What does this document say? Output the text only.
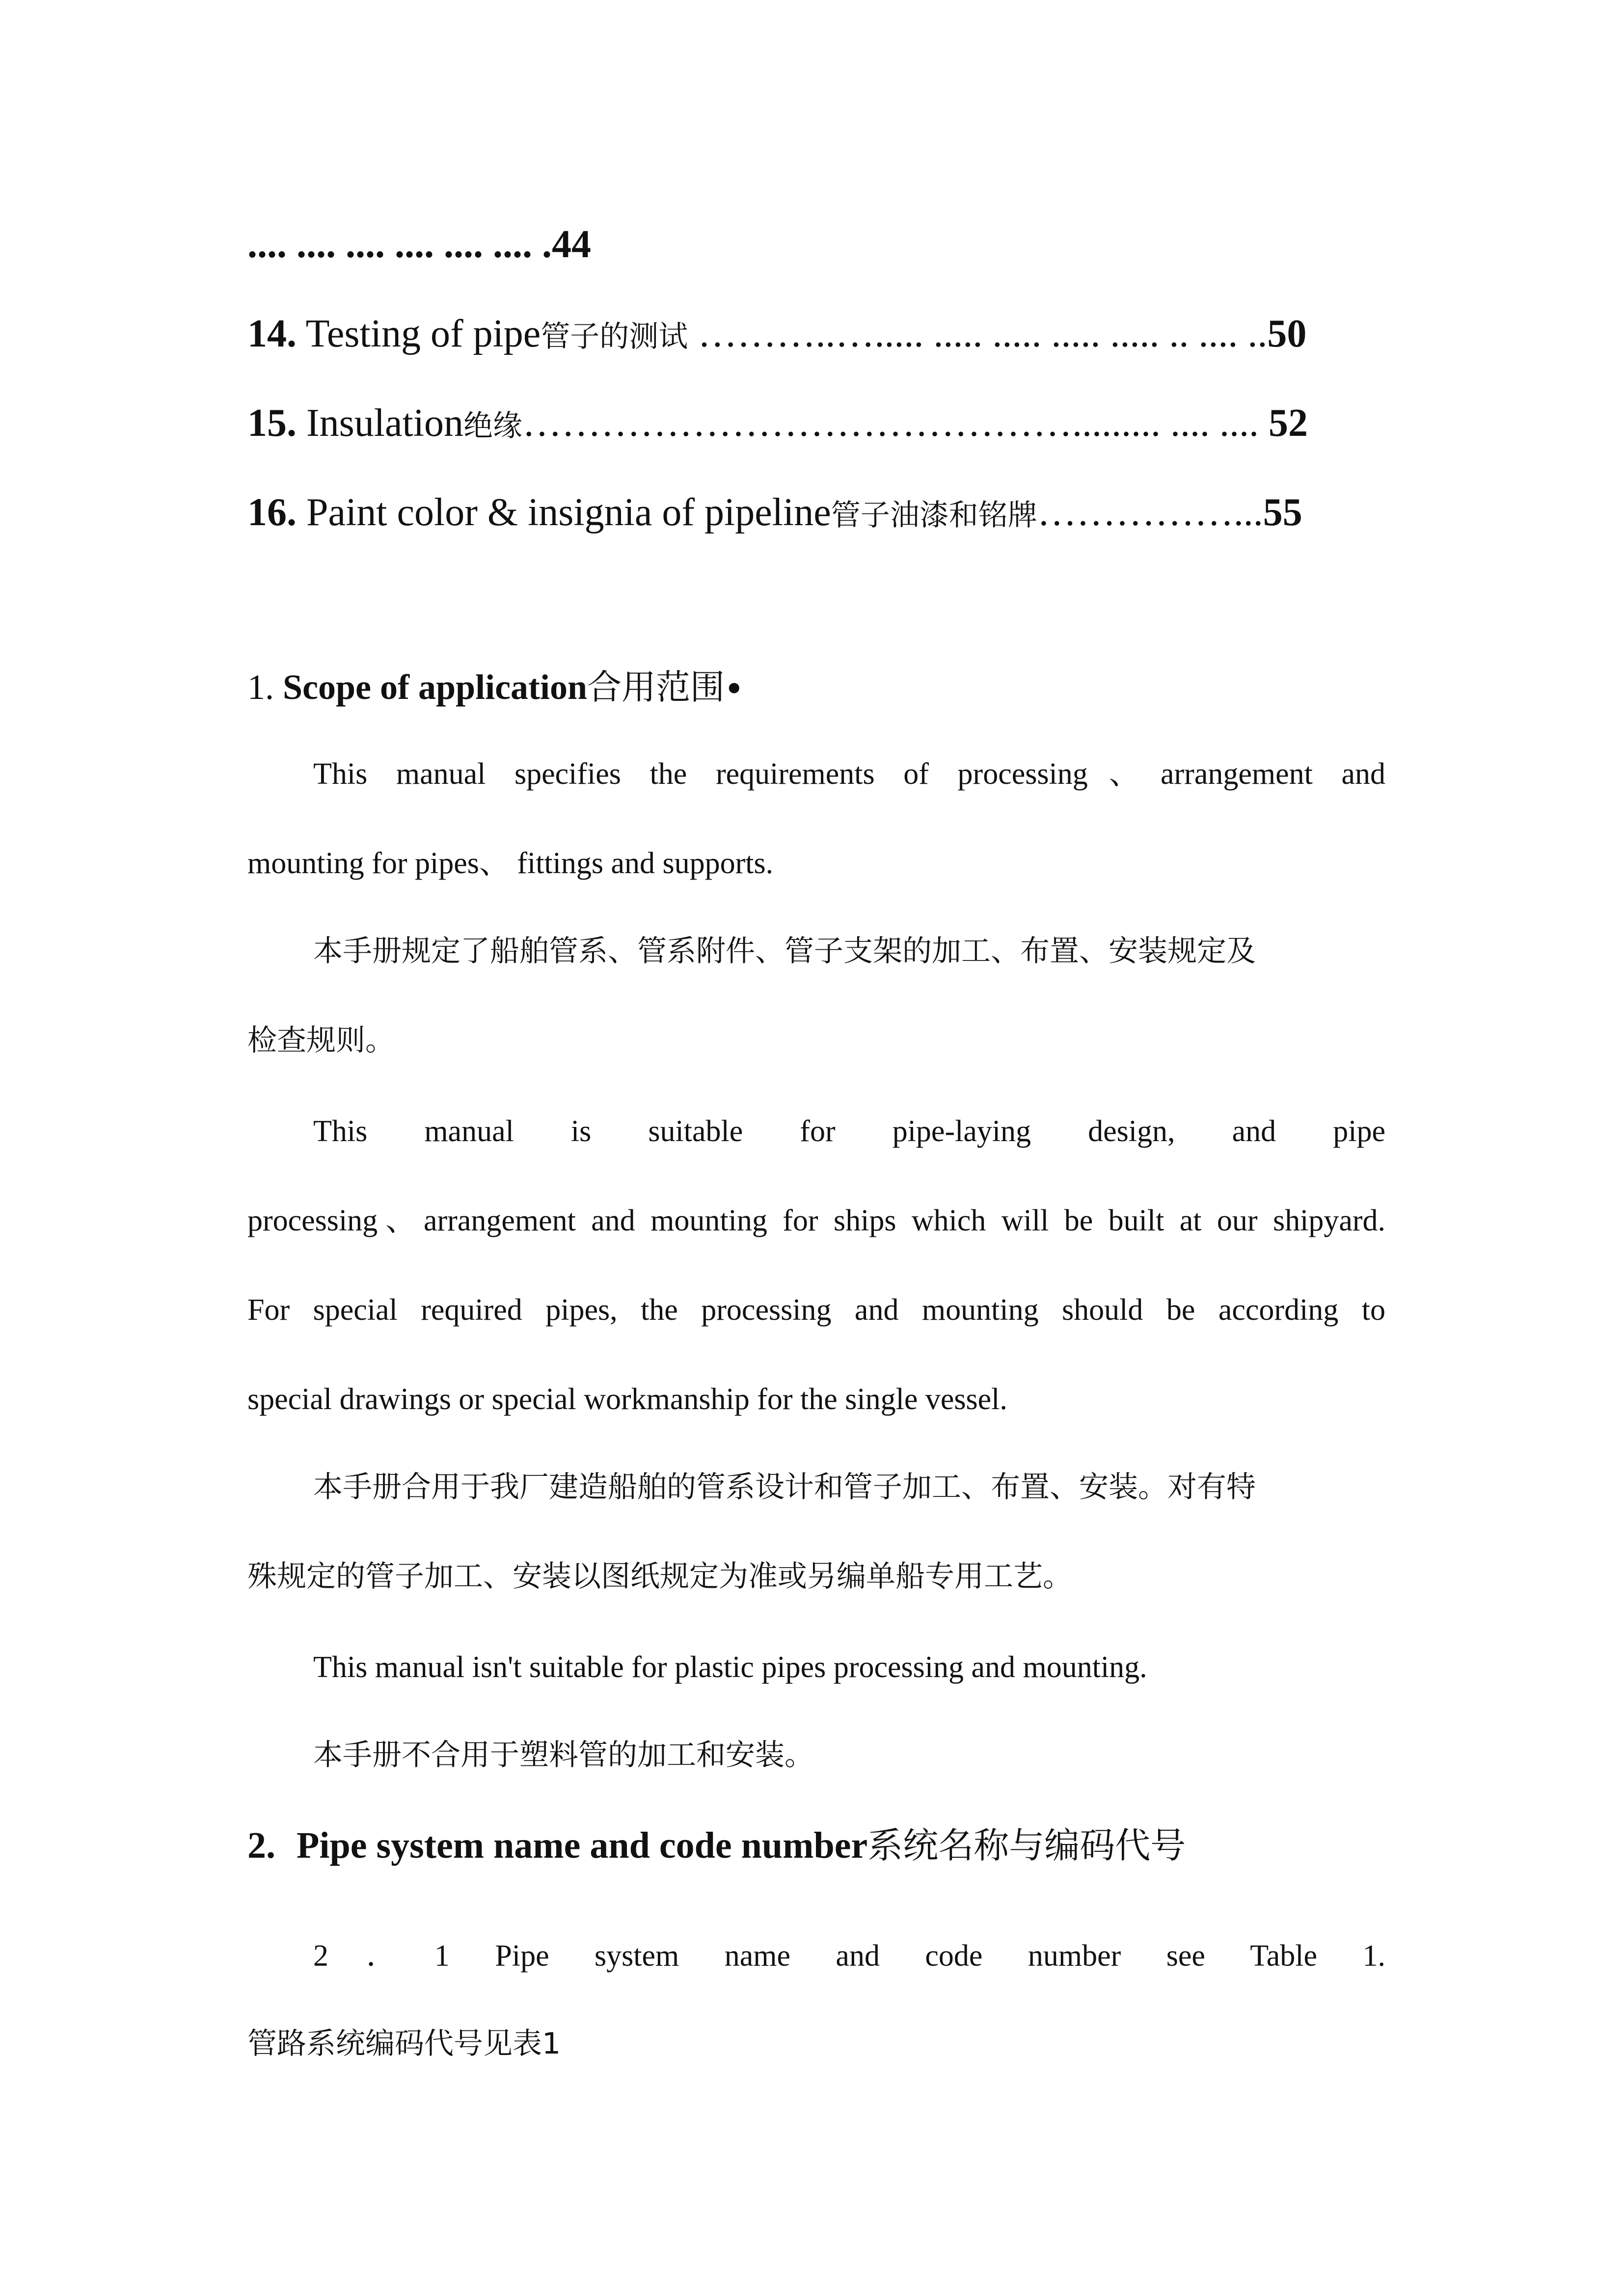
.... .... .... .... .... .... .44
14. Testing of pipe管子的测试 ………..…..... ..... ..... ..... ..... .. .... ..50
15. Insulation绝缘……………………………………......... .... .... 52
16. Paint color & insignia of pipeline管子油漆和铭牌……………...55
1. Scope of application合用范围•
This manual specifies the requirements of processing、arrangement and
mounting for pipes、 fittings and supports.
本手册规定了船舶管系、管系附件、管子支架的加工、布置、安装规定及
检查规则。
This manual is suitable for pipe-laying design, and pipe
processing、arrangement and mounting for ships which will be built at our shipyard.
For special required pipes, the processing and mounting should be according to
special drawings or special workmanship for the single vessel.
本手册合用于我厂建造船舶的管系设计和管子加工、布置、安装。对有特
殊规定的管子加工、安装以图纸规定为准或另编单船专用工艺。
This manual isn't suitable for plastic pipes processing and mounting.
本手册不合用于塑料管的加工和安装。
2. Pipe system name and code number系统名称与编码代号
2．1 Pipe system name and code number see Table 1.
管路系统编码代号见表1
